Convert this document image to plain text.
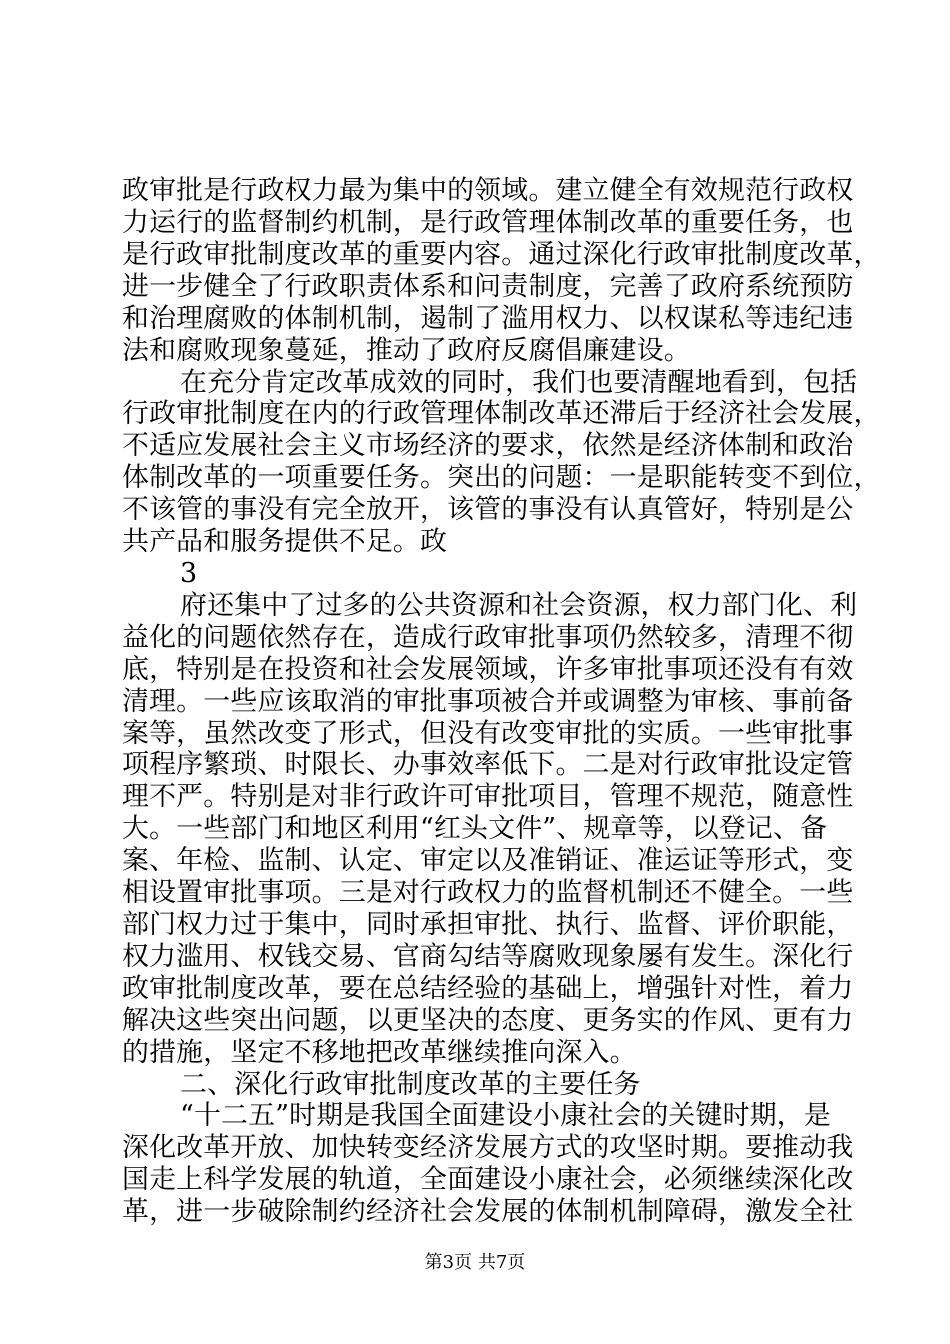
政审批是行政权力最为集中的领域。建立健全有效规范行政权
力运行的监督制约机制，是行政管理体制改革的重要任务，也
是行政审批制度改革的重要内容。通过深化行政审批制度改革，
进一步健全了行政职责体系和问责制度，完善了政府系统预防
和治理腐败的体制机制，遏制了滥用权力、以权谋私等违纪违
法和腐败现象蔓延，推动了政府反腐倡廉建设。
在充分肯定改革成效的同时，我们也要清醒地看到，包括
行政审批制度在内的行政管理体制改革还滞后于经济社会发展，
不适应发展社会主义市场经济的要求，依然是经济体制和政治
体制改革的一项重要任务。突出的问题：一是职能转变不到位，
不该管的事没有完全放开，该管的事没有认真管好，特别是公
共产品和服务提供不足。政
3
府还集中了过多的公共资源和社会资源，权力部门化、利
益化的问题依然存在，造成行政审批事项仍然较多，清理不彻
底，特别是在投资和社会发展领域，许多审批事项还没有有效
清理。一些应该取消的审批事项被合并或调整为审核、事前备
案等，虽然改变了形式，但没有改变审批的实质。一些审批事
项程序繁琐、时限长、办事效率低下。二是对行政审批设定管
理不严。特别是对非行政许可审批项目，管理不规范，随意性
大。一些部门和地区利用“红头文件”、规章等，以登记、备
案、年检、监制、认定、审定以及准销证、准运证等形式，变
相设置审批事项。三是对行政权力的监督机制还不健全。一些
部门权力过于集中，同时承担审批、执行、监督、评价职能，
权力滥用、权钱交易、官商勾结等腐败现象屡有发生。深化行
政审批制度改革，要在总结经验的基础上，增强针对性，着力
解决这些突出问题，以更坚决的态度、更务实的作风、更有力
的措施，坚定不移地把改革继续推向深入。
二、深化行政审批制度改革的主要任务
“十二五”时期是我国全面建设小康社会的关键时期，是
深化改革开放、加快转变经济发展方式的攻坚时期。要推动我
国走上科学发展的轨道，全面建设小康社会，必须继续深化改
革，进一步破除制约经济社会发展的体制机制障碍，激发全社
第3页 共7页
